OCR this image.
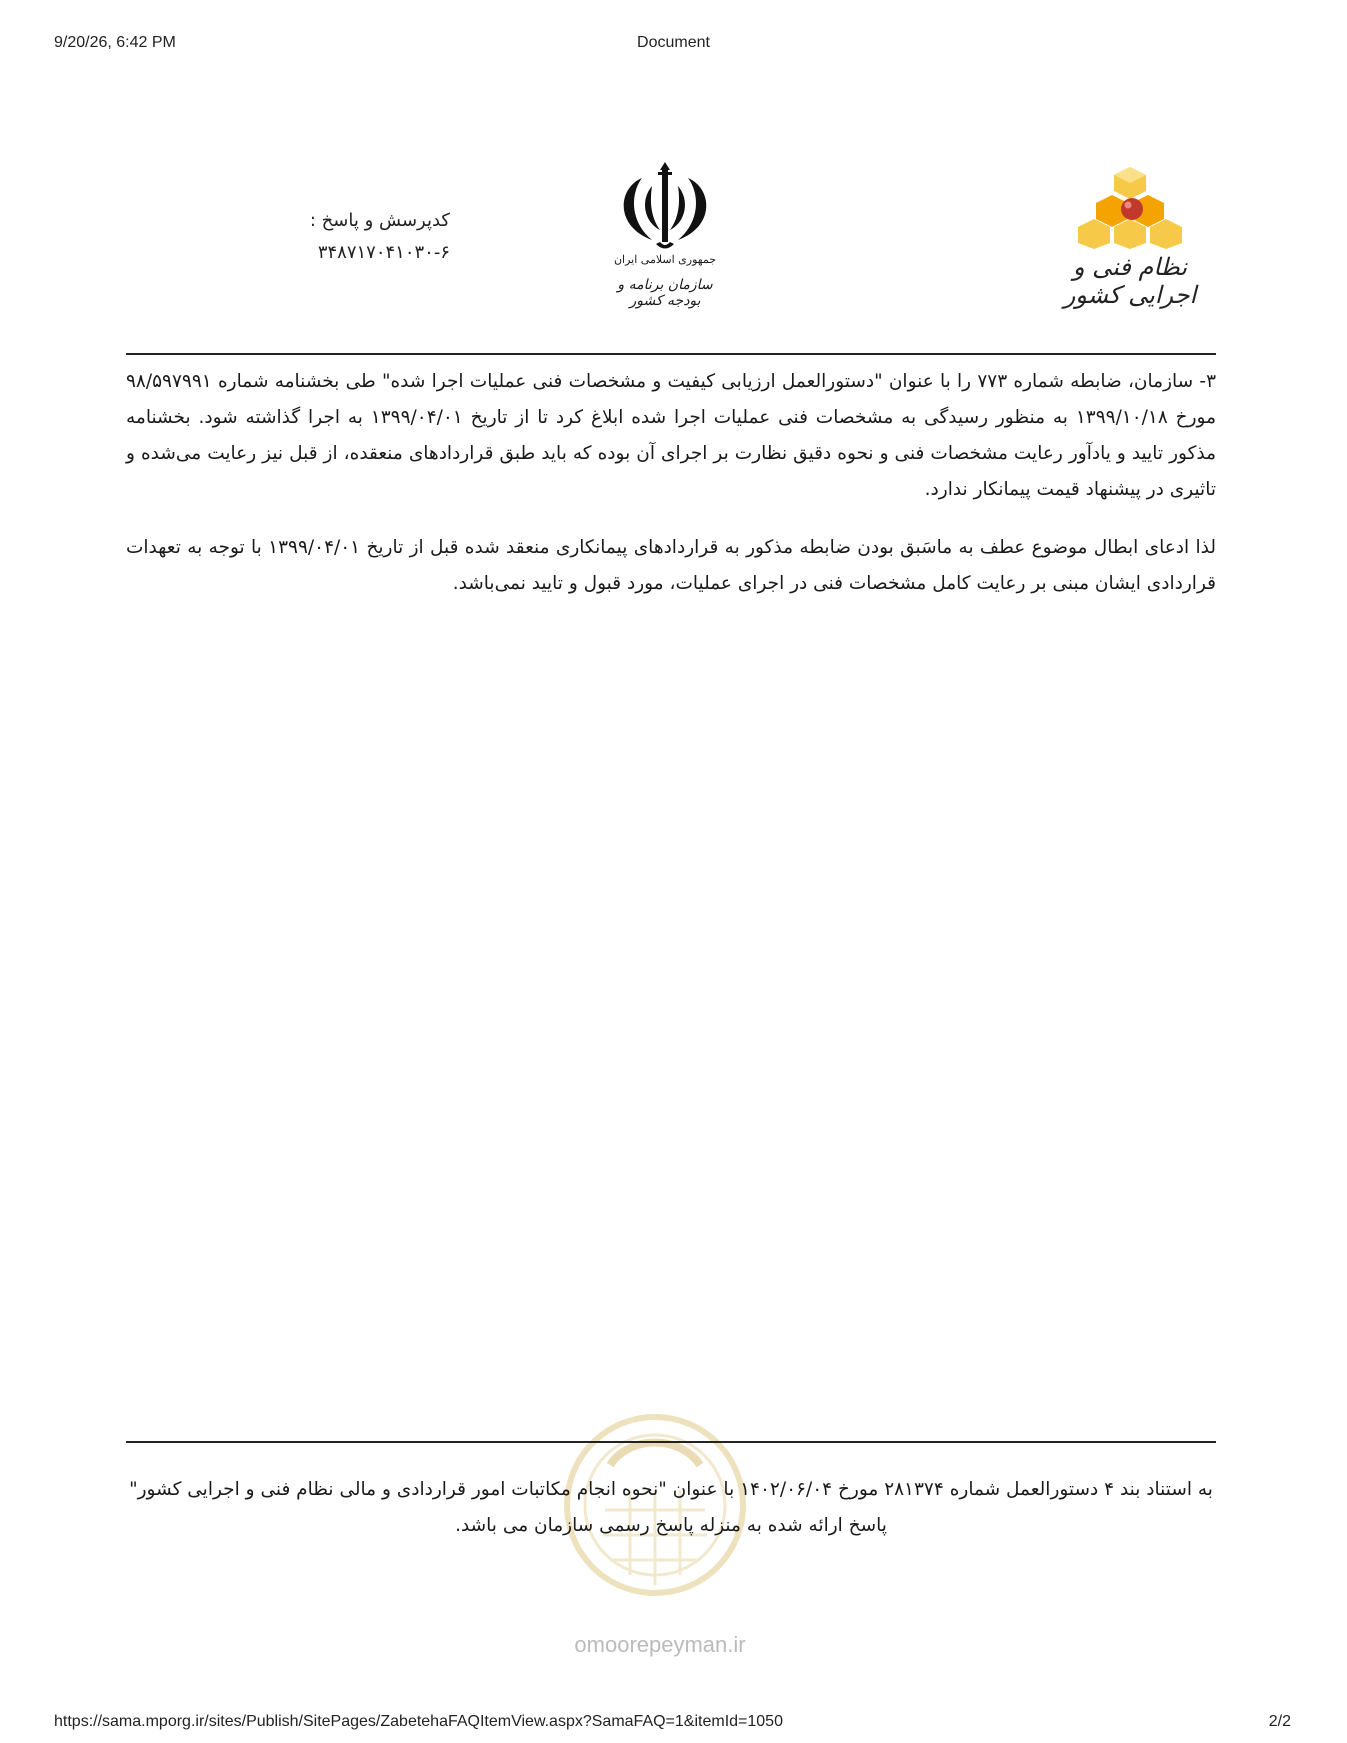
9/20/26, 6:42 PM	Document
کدپرسش و پاسخ :
۳۴۸۷۱۷۰۴۱۰۳۰-۶	جمهوری اسلامی ایران
سازمان برنامه و بودجه کشور
نظام فنی و اجرایی کشور

۳- سازمان، ضابطه شماره ۷۷۳ را با عنوان "دستورالعمل ارزیابی کیفیت و مشخصات فنی عملیات اجرا شده" طی بخشنامه شماره ۹۸/۵۹۷۹۹۱ مورخ ۱۳۹۹/۱۰/۱۸ به منظور رسیدگی به مشخصات فنی عملیات اجرا شده ابلاغ کرد تا از تاریخ ۱۳۹۹/۰۴/۰۱ به اجرا گذاشته شود. بخشنامه مذکور تایید و یادآور رعایت مشخصات فنی و نحوه دقیق نظارت بر اجرای آن بوده که باید طبق قراردادهای منعقده، از قبل نیز رعایت می‌شده و تاثیری در پیشنهاد قیمت پیمانکار ندارد.

لذا ادعای ابطال موضوع عطف به ماسَبق بودن ضابطه مذکور به قراردادهای پیمانکاری منعقد شده قبل از تاریخ ۱۳۹۹/۰۴/۰۱ با توجه به تعهدات قراردادی ایشان مبنی بر رعایت کامل مشخصات فنی در اجرای عملیات، مورد قبول و تایید نمی‌باشد.

omoorepeyman.ir
به استناد بند ۴ دستورالعمل شماره ۲۸۱۳۷۴ مورخ ۱۴۰۲/۰۶/۰۴ با عنوان "نحوه انجام مکاتبات امور قراردادی و مالی نظام فنی و اجرایی کشور" پاسخ ارائه شده به منزله پاسخ رسمی سازمان می باشد.
https://sama.mporg.ir/sites/Publish/SitePages/ZabetehaFAQItemView.aspx?SamaFAQ=1&itemId=1050	2/2
